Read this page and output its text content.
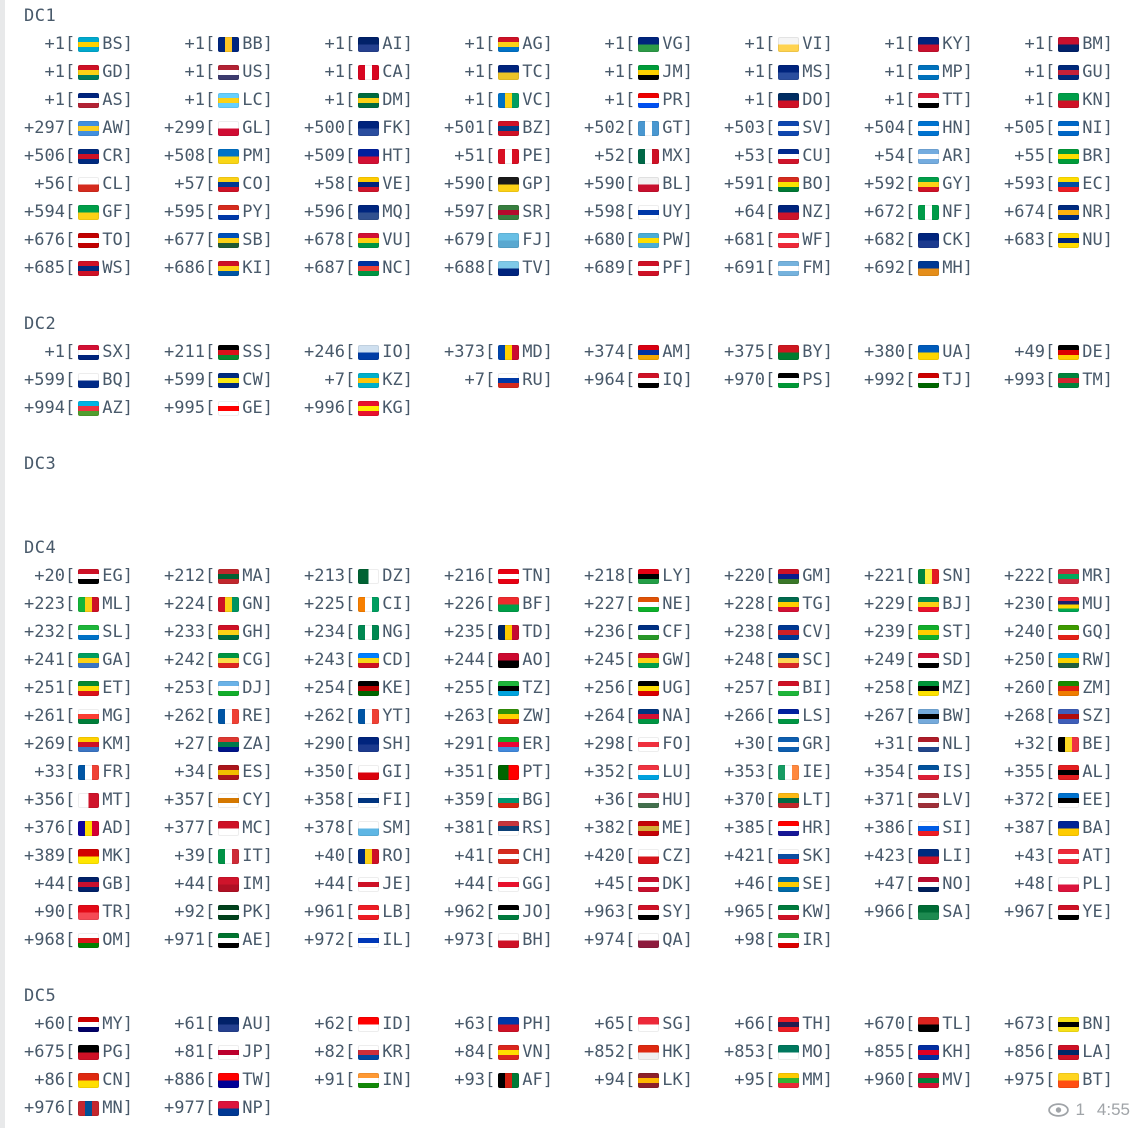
DC1
+1 [ BS ]	+1 [ BB ]	+1 [ AI ]	+1 [ AG ]	+1 [ VG ]	+1 [ VI ]	+1 [ KY ]	+1 [ BM ]
+1 [ GD ]	+1 [ US ]	+1 [ CA ]	+1 [ TC ]	+1 [ JM ]	+1 [ MS ]	+1 [ MP ]	+1 [ GU ]
+1 [ AS ]	+1 [ LC ]	+1 [ DM ]	+1 [ VC ]	+1 [ PR ]	+1 [ DO ]	+1 [ TT ]	+1 [ KN ]
+297 [ AW ] +299 [ GL ] +500 [ FK ] +501 [ BZ ] +502 [ GT ] +503 [ SV ] +504 [ HN ] +505 [ NI ]
+506 [ CR ] +508 [ PM ] +509 [ HT ]	+51 [ PE ]	+52 [ MX ]	+53 [ CU ]	+54 [ AR ]	+55 [ BR ]
+56 [ CL ]	+57 [ CO ]	+58 [ VE ] +590 [ GP ] +590 [ BL ] +591 [ BO ] +592 [ GY ] +593 [ EC ]
+594 [ GF ] +595 [ PY ] +596 [ MQ ] +597 [ SR ] +598 [ UY ]	+64 [ NZ ] +672 [ NF ] +674 [ NR ]
+676 [ TO ] +677 [ SB ] +678 [ VU ] +679 [ FJ ] +680 [ PW ] +681 [ WF ] +682 [ CK ] +683 [ NU ]
+685 [ WS ] +686 [ KI ] +687 [ NC ] +688 [ TV ] +689 [ PF ] +691 [ FM ] +692 [ MH ]
DC2
+1 [ SX ] +211 [ SS ] +246 [ IO ] +373 [ MD ] +374 [ AM ] +375 [ BY ] +380 [ UA ]	+49 [ DE ]
+599 [ BQ ] +599 [ CW ]	+7 [ KZ ]	+7 [ RU ] +964 [ IQ ] +970 [ PS ] +992 [ TJ ] +993 [ TM ]
+994 [ AZ ] +995 [ GE ] +996 [ KG ]
DC3
DC4
+20 [ EG ] +212 [ MA ] +213 [ DZ ] +216 [ TN ] +218 [ LY ] +220 [ GM ] +221 [ SN ] +222 [ MR ]
+223 [ ML ] +224 [ GN ] +225 [ CI ] +226 [ BF ] +227 [ NE ] +228 [ TG ] +229 [ BJ ] +230 [ MU ]
+232 [ SL ] +233 [ GH ] +234 [ NG ] +235 [ TD ] +236 [ CF ] +238 [ CV ] +239 [ ST ] +240 [ GQ ]
+241 [ GA ] +242 [ CG ] +243 [ CD ] +244 [ AO ] +245 [ GW ] +248 [ SC ] +249 [ SD ] +250 [ RW ]
+251 [ ET ] +253 [ DJ ] +254 [ KE ] +255 [ TZ ] +256 [ UG ] +257 [ BI ] +258 [ MZ ] +260 [ ZM ]
+261 [ MG ] +262 [ RE ] +262 [ YT ] +263 [ ZW ] +264 [ NA ] +266 [ LS ] +267 [ BW ] +268 [ SZ ]
+269 [ KM ]	+27 [ ZA ] +290 [ SH ] +291 [ ER ] +298 [ FO ]	+30 [ GR ]	+31 [ NL ]	+32 [ BE ]
+33 [ FR ]	+34 [ ES ] +350 [ GI ] +351 [ PT ] +352 [ LU ] +353 [ IE ] +354 [ IS ] +355 [ AL ]
+356 [ MT ] +357 [ CY ] +358 [ FI ] +359 [ BG ]	+36 [ HU ] +370 [ LT ] +371 [ LV ] +372 [ EE ]
+376 [ AD ] +377 [ MC ] +378 [ SM ] +381 [ RS ] +382 [ ME ] +385 [ HR ] +386 [ SI ] +387 [ BA ]
+389 [ MK ]	+39 [ IT ]	+40 [ RO ]	+41 [ CH ] +420 [ CZ ] +421 [ SK ] +423 [ LI ]	+43 [ AT ]
+44 [ GB ]	+44 [ IM ]	+44 [ JE ]	+44 [ GG ]	+45 [ DK ]	+46 [ SE ]	+47 [ NO ]	+48 [ PL ]
+90 [ TR ]	+92 [ PK ] +961 [ LB ] +962 [ JO ] +963 [ SY ] +965 [ KW ] +966 [ SA ] +967 [ YE ]
+968 [ OM ] +971 [ AE ] +972 [ IL ] +973 [ BH ] +974 [ QA ]	+98 [ IR ]
DC5
+60 [ MY ]	+61 [ AU ]	+62 [ ID ]	+63 [ PH ]	+65 [ SG ]	+66 [ TH ] +670 [ TL ] +673 [ BN ]
+675 [ PG ]	+81 [ JP ]	+82 [ KR ]	+84 [ VN ] +852 [ HK ] +853 [ MO ] +855 [ KH ] +856 [ LA ]
+86 [ CN ] +886 [ TW ]	+91 [ IN ]	+93 [ AF ]	+94 [ LK ]	+95 [ MM ] +960 [ MV ] +975 [ BT ]
+976 [ MN ] +977 [ NP ]	1 4:55
